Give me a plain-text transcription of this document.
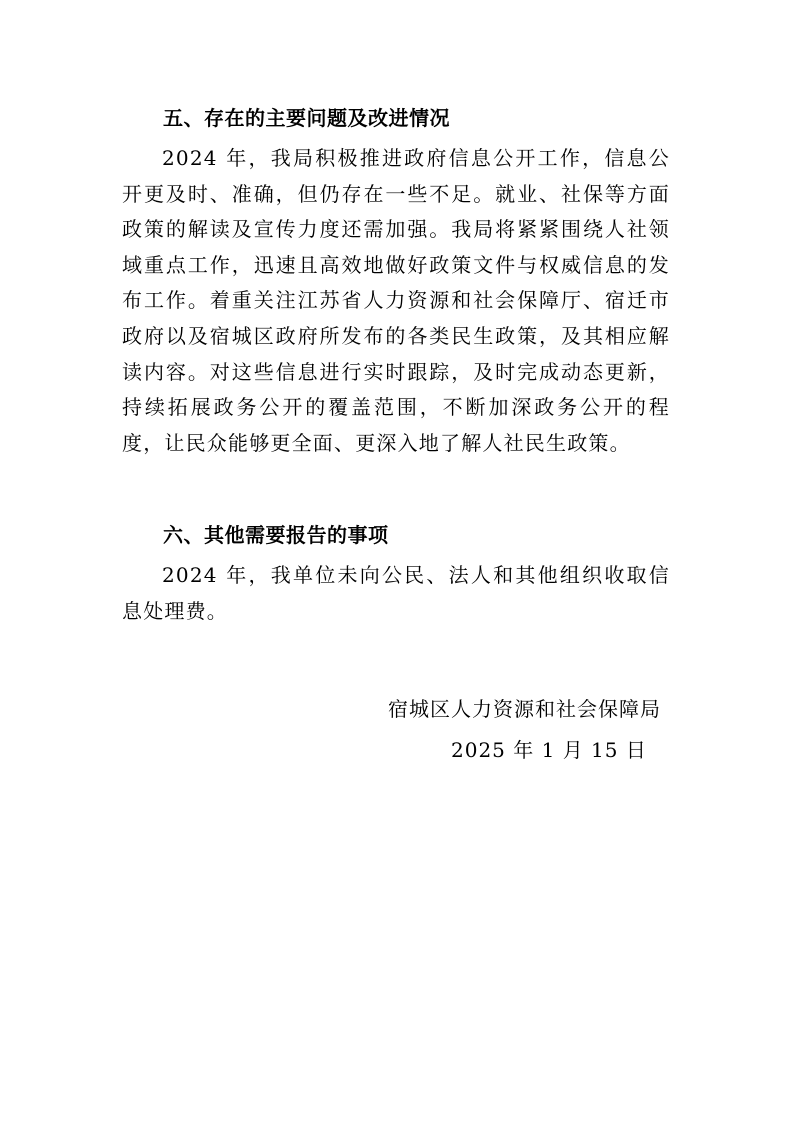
五、存在的主要问题及改进情况

2024 年，我局积极推进政府信息公开工作，信息公开更及时、准确，但仍存在一些不足。就业、社保等方面政策的解读及宣传力度还需加强。我局将紧紧围绕人社领域重点工作，迅速且高效地做好政策文件与权威信息的发布工作。着重关注江苏省人力资源和社会保障厅、宿迁市政府以及宿城区政府所发布的各类民生政策，及其相应解读内容。对这些信息进行实时跟踪，及时完成动态更新，持续拓展政务公开的覆盖范围，不断加深政务公开的程度，让民众能够更全面、更深入地了解人社民生政策。

六、其他需要报告的事项

2024 年，我单位未向公民、法人和其他组织收取信息处理费。

宿城区人力资源和社会保障局
2025 年 1 月 15 日
